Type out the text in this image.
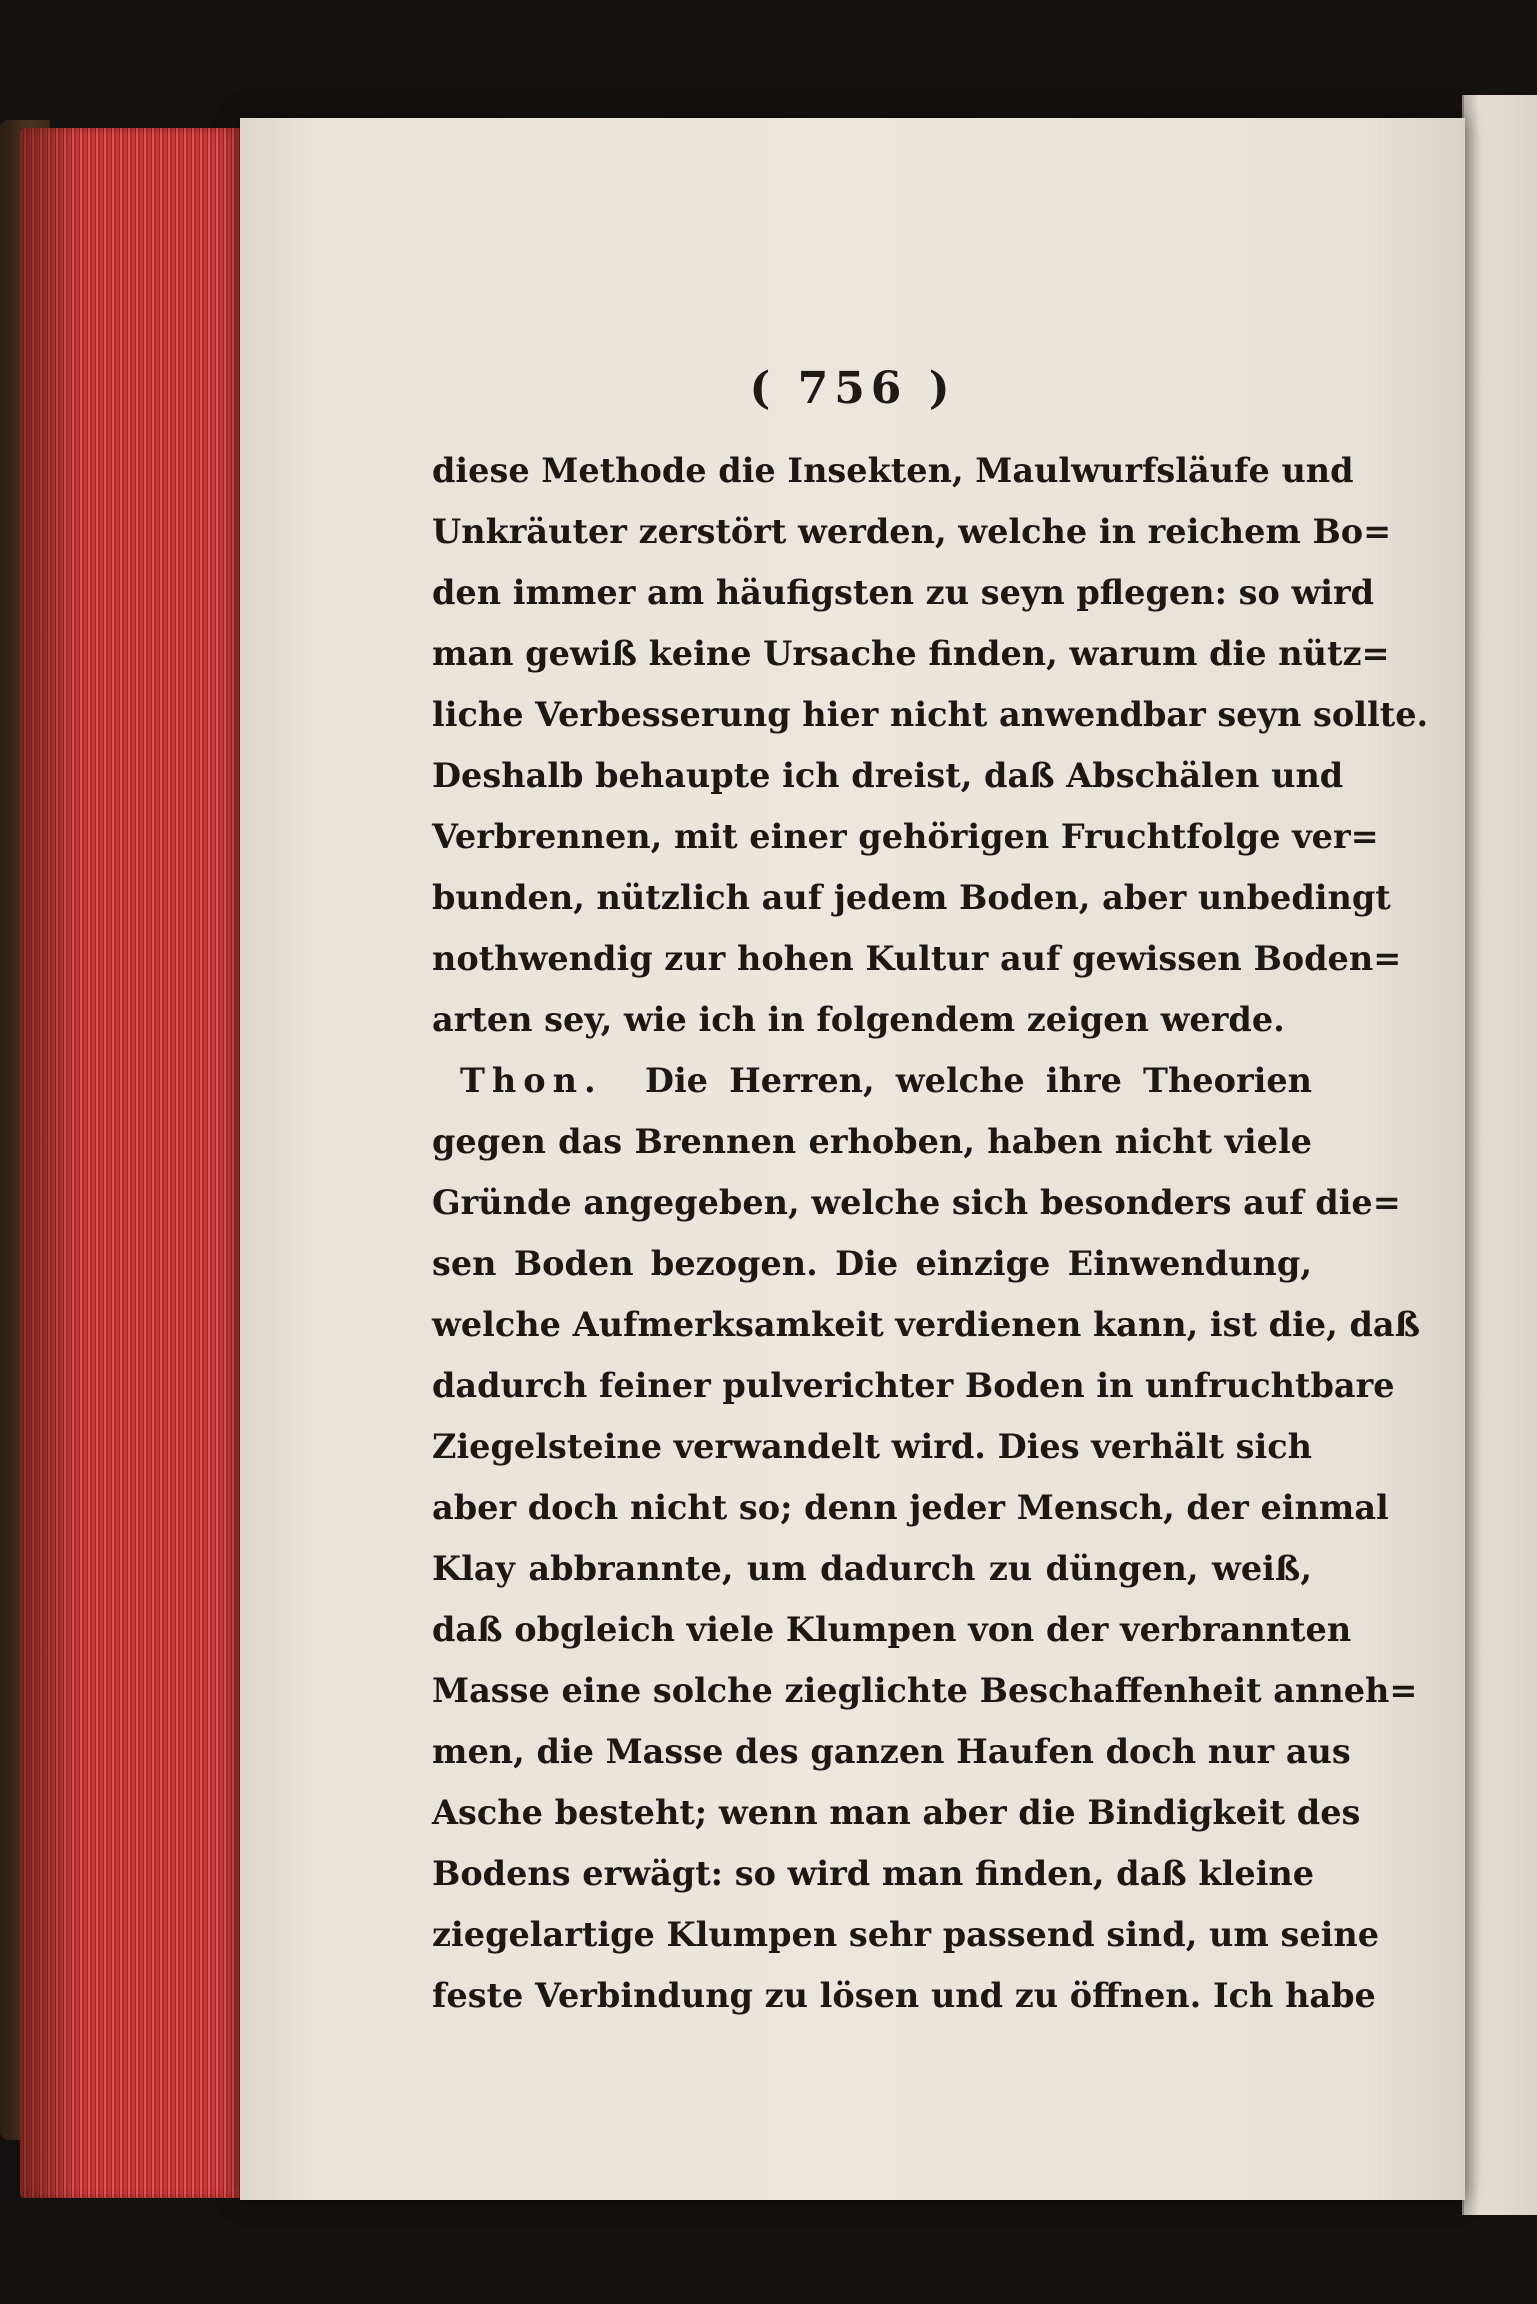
( 756 )
diese Methode die Insekten, Maulwurfsläufe und
Unkräuter zerstört werden, welche in reichem Bo=
den immer am häufigsten zu seyn pflegen: so wird
man gewiß keine Ursache finden, warum die nütz=
liche Verbesserung hier nicht anwendbar seyn sollte.
Deshalb behaupte ich dreist, daß Abschälen und
Verbrennen, mit einer gehörigen Fruchtfolge ver=
bunden, nützlich auf jedem Boden, aber unbedingt
nothwendig zur hohen Kultur auf gewissen Boden=
arten sey, wie ich in folgendem zeigen werde.
Thon. Die Herren, welche ihre Theorien
gegen das Brennen erhoben, haben nicht viele
Gründe angegeben, welche sich besonders auf die=
sen Boden bezogen. Die einzige Einwendung,
welche Aufmerksamkeit verdienen kann, ist die, daß
dadurch feiner pulverichter Boden in unfruchtbare
Ziegelsteine verwandelt wird. Dies verhält sich
aber doch nicht so; denn jeder Mensch, der einmal
Klay abbrannte, um dadurch zu düngen, weiß,
daß obgleich viele Klumpen von der verbrannten
Masse eine solche zieglichte Beschaffenheit anneh=
men, die Masse des ganzen Haufen doch nur aus
Asche besteht; wenn man aber die Bindigkeit des
Bodens erwägt: so wird man finden, daß kleine
ziegelartige Klumpen sehr passend sind, um seine
feste Verbindung zu lösen und zu öffnen. Ich habe
